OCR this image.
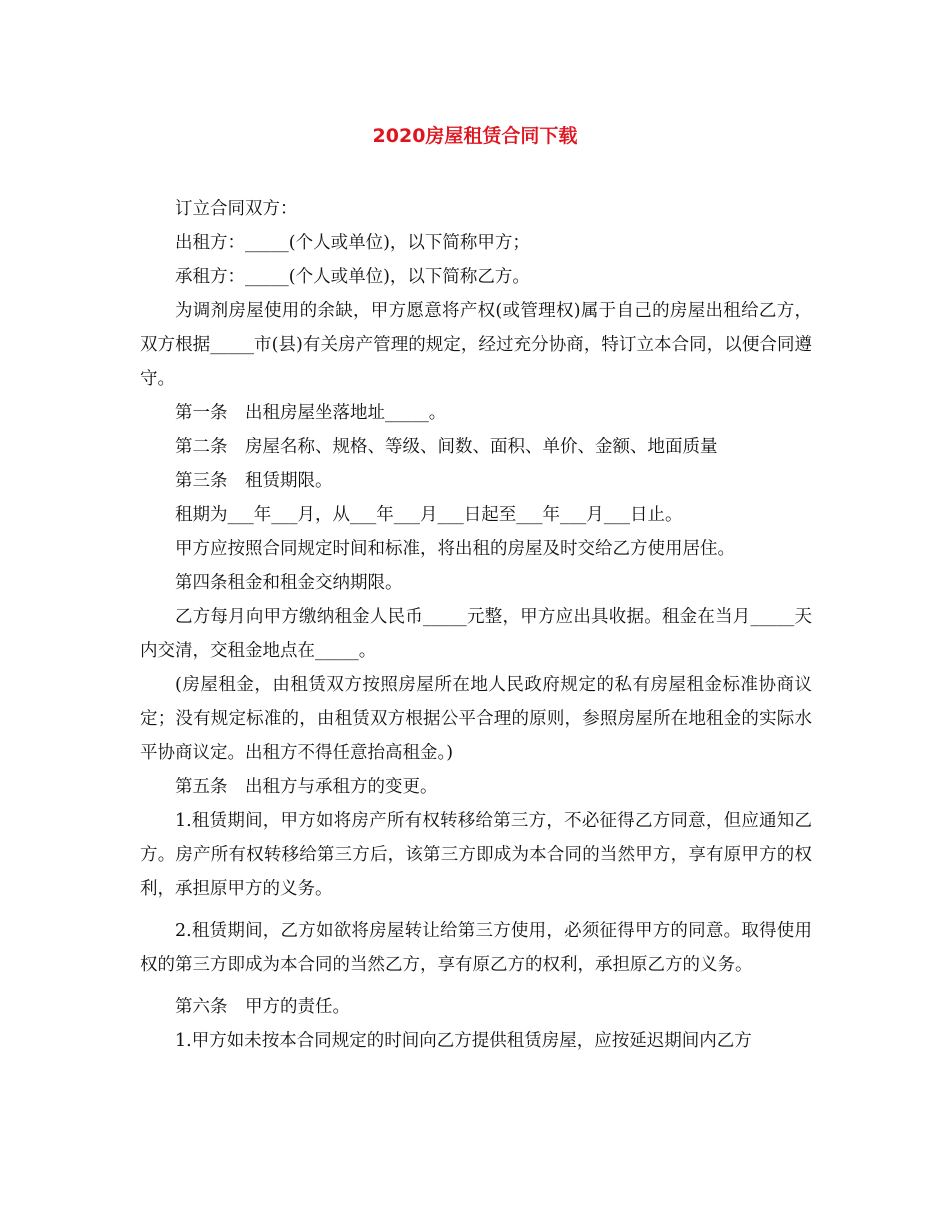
2020房屋租赁合同下载

订立合同双方：

出租方：_____(个人或单位)，以下简称甲方；

承租方：_____(个人或单位)，以下简称乙方。

为调剂房屋使用的余缺，甲方愿意将产权(或管理权)属于自己的房屋出租给乙方，双方根据_____市(县)有关房产管理的规定，经过充分协商，特订立本合同，以便合同遵守。

第一条　出租房屋坐落地址_____。

第二条　房屋名称、规格、等级、间数、面积、单价、金额、地面质量

第三条　租赁期限。

租期为___年___月，从___年___月___日起至___年___月___日止。

甲方应按照合同规定时间和标准，将出租的房屋及时交给乙方使用居住。

第四条租金和租金交纳期限。

乙方每月向甲方缴纳租金人民币_____元整，甲方应出具收据。租金在当月_____天内交清，交租金地点在_____。

(房屋租金，由租赁双方按照房屋所在地人民政府规定的私有房屋租金标准协商议定；没有规定标准的，由租赁双方根据公平合理的原则，参照房屋所在地租金的实际水平协商议定。出租方不得任意抬高租金。)

第五条　出租方与承租方的变更。

1.租赁期间，甲方如将房产所有权转移给第三方，不必征得乙方同意，但应通知乙方。房产所有权转移给第三方后，该第三方即成为本合同的当然甲方，享有原甲方的权利，承担原甲方的义务。

2.租赁期间，乙方如欲将房屋转让给第三方使用，必须征得甲方的同意。取得使用权的第三方即成为本合同的当然乙方，享有原乙方的权利，承担原乙方的义务。

第六条　甲方的责任。

1.甲方如未按本合同规定的时间向乙方提供租赁房屋，应按延迟期间内乙方
